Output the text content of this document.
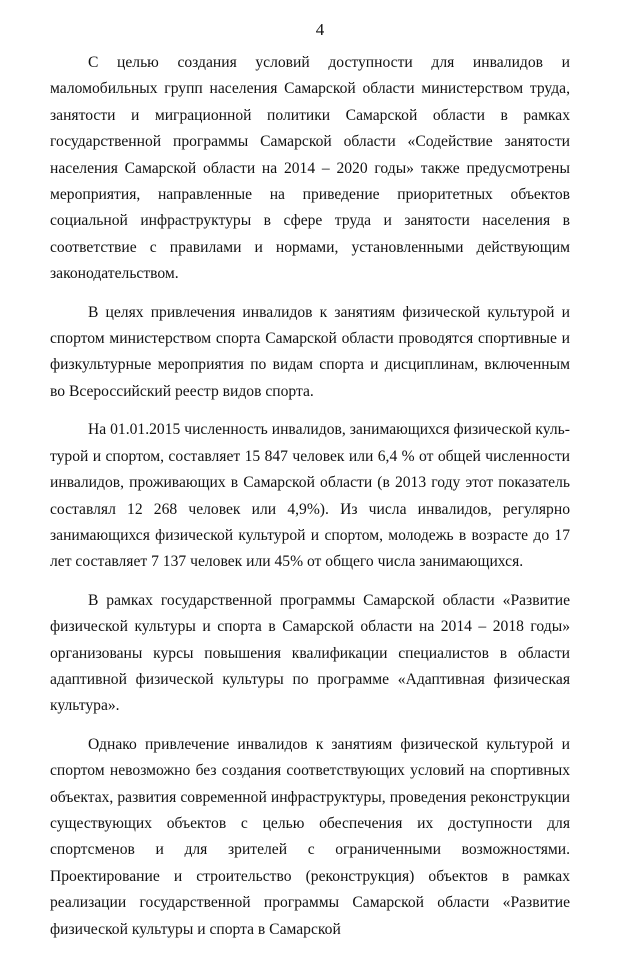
4

С целью создания условий доступности для инвалидов и маломобильных групп населения Самарской области министерством труда, занятости и миграционной политики Самарской области в рамках государственной программы Самарской области «Содействие занятости населения Самарской области на 2014 – 2020 годы» также предусмотрены мероприятия, направленные на приведение приоритетных объектов социальной инфраструктуры в сфере труда и занятости населения в соответствие с правилами и нормами, установленными действующим законодательством.

В целях привлечения инвалидов к занятиям физической культурой и спортом министерством спорта Самарской области проводятся спортивные и физкультурные мероприятия по видам спорта и дисциплинам, включенным во Всероссийский реестр видов спорта.

На 01.01.2015 численность инвалидов, занимающихся физической культурой и спортом, составляет 15 847 человек или 6,4 % от общей численности инвалидов, проживающих в Самарской области (в 2013 году этот показатель составлял 12 268 человек или 4,9%). Из числа инвалидов, регулярно занимающихся физической культурой и спортом, молодежь в возрасте до 17 лет составляет 7 137 человек или 45% от общего числа занимающихся.

В рамках государственной программы Самарской области «Развитие физической культуры и спорта в Самарской области на 2014 – 2018 годы» организованы курсы повышения квалификации специалистов в области адаптивной физической культуры по программе «Адаптивная физическая культура».

Однако привлечение инвалидов к занятиям физической культурой и спортом невозможно без создания соответствующих условий на спортивных объектах, развития современной инфраструктуры, проведения реконструкции существующих объектов с целью обеспечения их доступности для спортсменов и для зрителей с ограниченными возможностями. Проектирование и строительство (реконструкция) объектов в рамках реализации государственной программы Самарской области «Развитие физической культуры и спорта в Самарской
